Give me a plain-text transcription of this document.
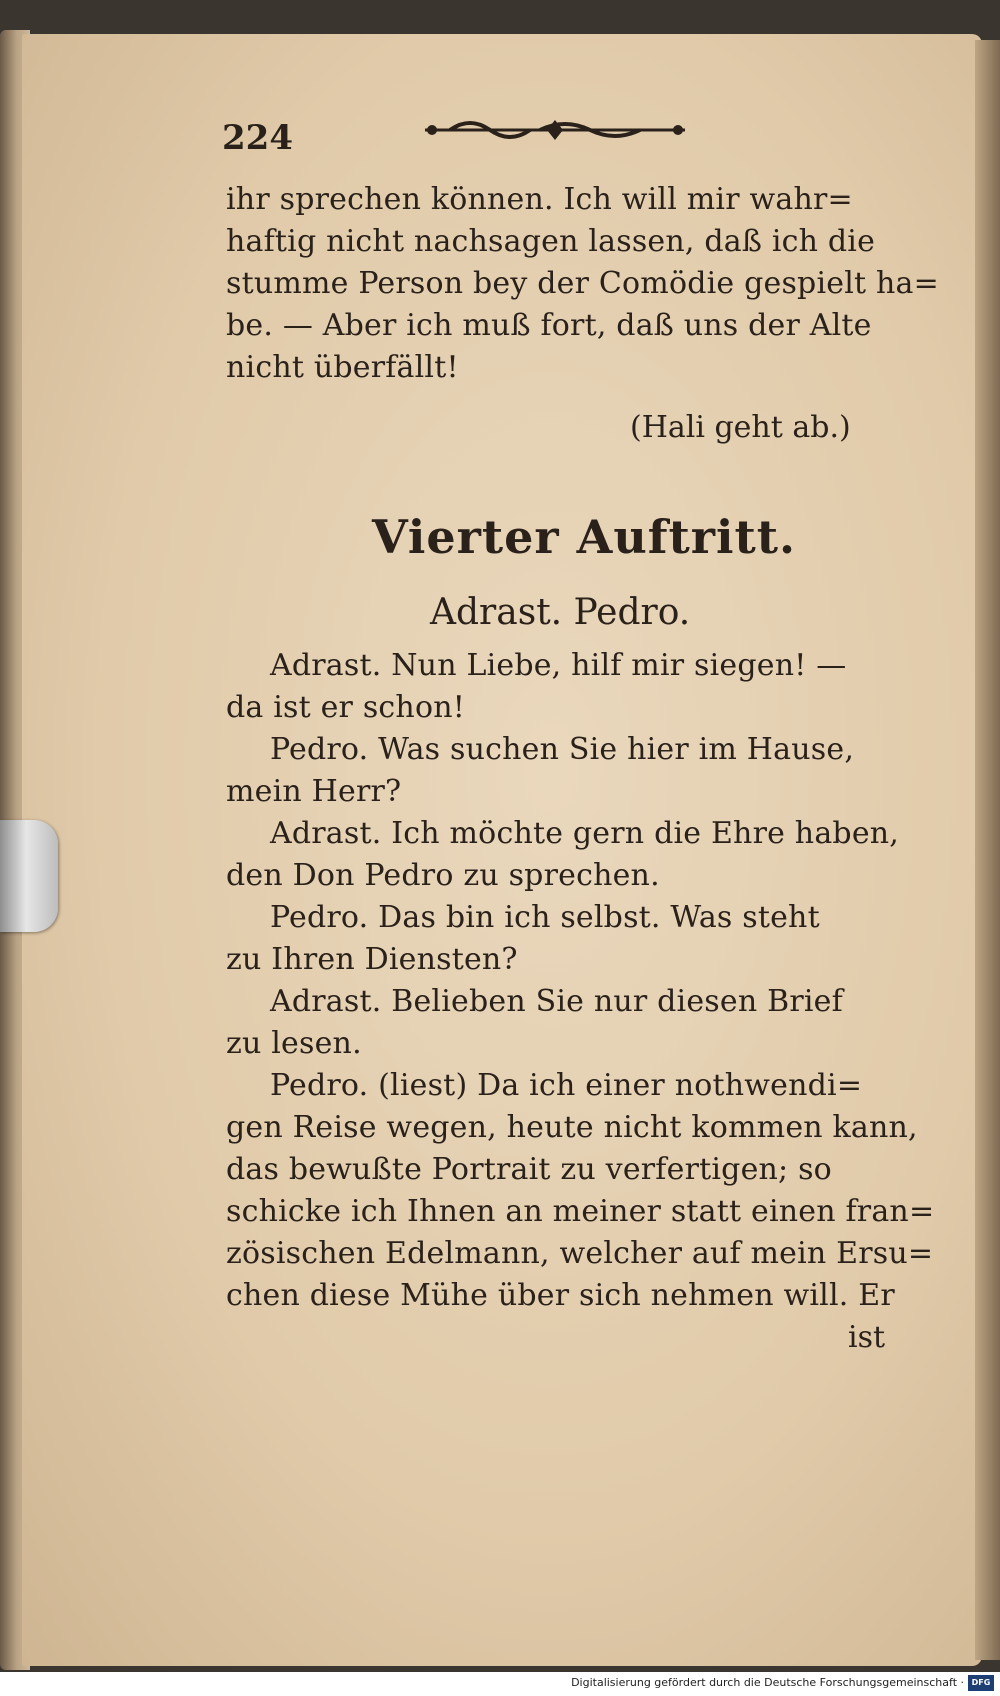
224
ihr sprechen können. Ich will mir wahr=
haftig nicht nachsagen lassen, daß ich die
stumme Person bey der Comödie gespielt ha=
be. — Aber ich muß fort, daß uns der Alte
nicht überfällt!
(Hali geht ab.)
Vierter Auftritt.
Adrast. Pedro.
Adrast. Nun Liebe, hilf mir siegen! —
da ist er schon!
Pedro. Was suchen Sie hier im Hause,
mein Herr?
Adrast. Ich möchte gern die Ehre haben,
den Don Pedro zu sprechen.
Pedro. Das bin ich selbst. Was steht
zu Ihren Diensten?
Adrast. Belieben Sie nur diesen Brief
zu lesen.
Pedro. (liest) Da ich einer nothwendi=
gen Reise wegen, heute nicht kommen kann,
das bewußte Portrait zu verfertigen; so
schicke ich Ihnen an meiner statt einen fran=
zösischen Edelmann, welcher auf mein Ersu=
chen diese Mühe über sich nehmen will. Er
ist
Digitalisierung gefördert durch die Deutsche Forschungsgemeinschaft · DFG
